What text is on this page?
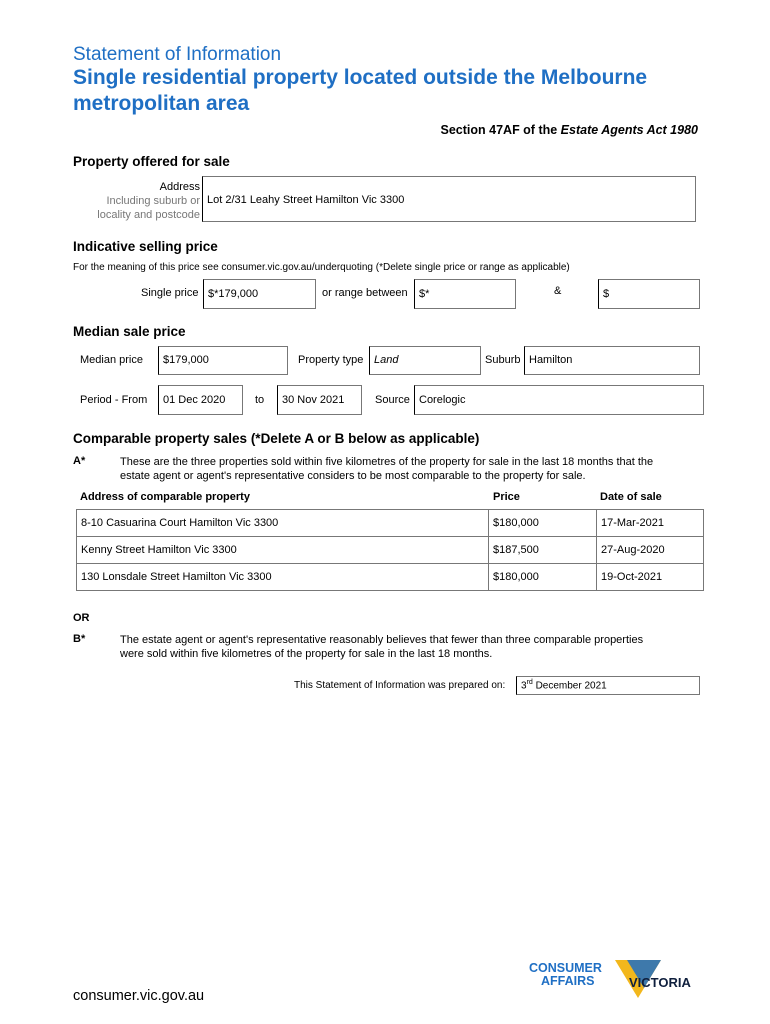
Statement of Information
Single residential property located outside the Melbourne metropolitan area
Section 47AF of the Estate Agents Act 1980
Property offered for sale
Address
Including suburb or
locality and postcode
Lot 2/31 Leahy Street Hamilton Vic 3300
Indicative selling price
For the meaning of this price see consumer.vic.gov.au/underquoting (*Delete single price or range as applicable)
Single price $*179,000	or range between	$*	&	$
Median sale price
Median price	$179,000	Property type Land	Suburb Hamilton
Period - From	01 Dec 2020	to	30 Nov 2021	Source Corelogic
Comparable property sales (*Delete A or B below as applicable)
A*	These are the three properties sold within five kilometres of the property for sale in the last 18 months that the
estate agent or agent's representative considers to be most comparable to the property for sale.
Address of comparable property	Price	Date of sale
8-10 Casuarina Court Hamilton Vic 3300	$180,000	17-Mar-2021
Kenny Street Hamilton Vic 3300	$187,500	27-Aug-2020
130 Lonsdale Street Hamilton Vic 3300	$180,000	19-Oct-2021
OR
B*	The estate agent or agent's representative reasonably believes that fewer than three comparable properties
were sold within five kilometres of the property for sale in the last 18 months.
This Statement of Information was prepared on:	3rd December 2021
CONSUMER
AFFAIRS	VICTORIA
consumer.vic.gov.au
